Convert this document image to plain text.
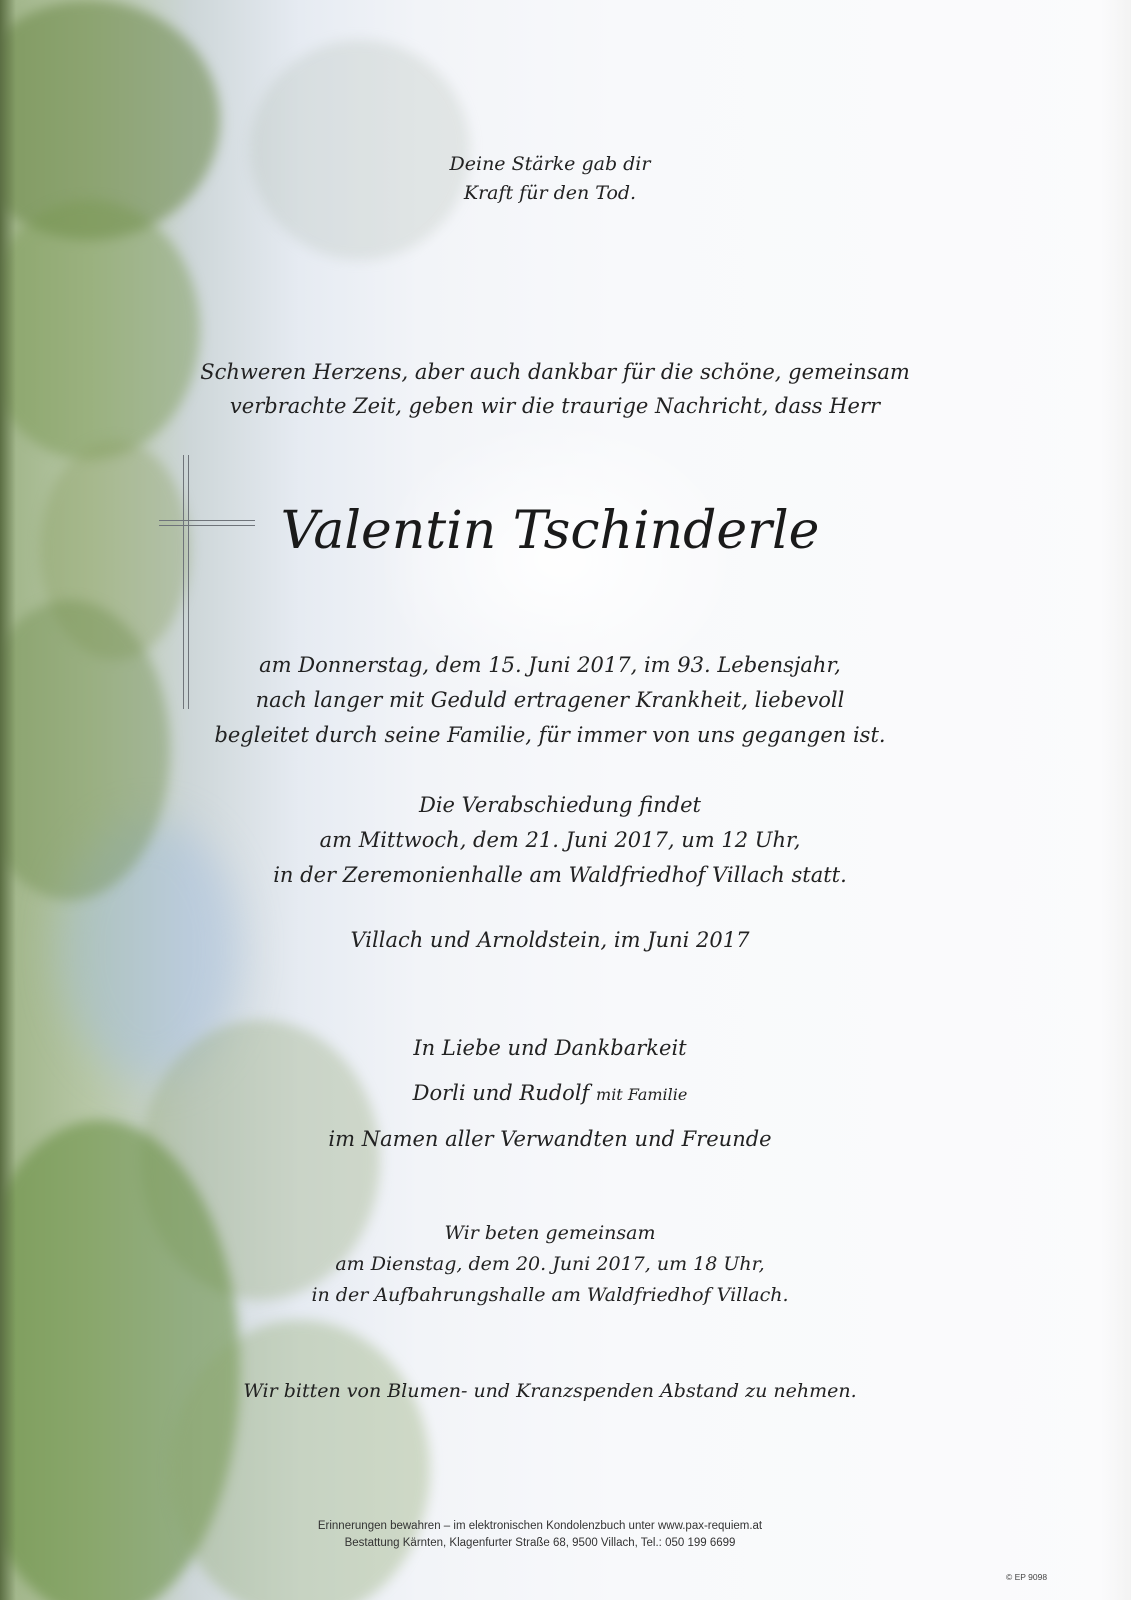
Deine Stärke gab dir
Kraft für den Tod.
Schweren Herzens, aber auch dankbar für die schöne, gemeinsam
verbrachte Zeit, geben wir die traurige Nachricht, dass Herr
Valentin Tschinderle
am Donnerstag, dem 15. Juni 2017, im 93. Lebensjahr,
nach langer mit Geduld ertragener Krankheit, liebevoll
begleitet durch seine Familie, für immer von uns gegangen ist.
Die Verabschiedung findet
am Mittwoch, dem 21. Juni 2017, um 12 Uhr,
in der Zeremonienhalle am Waldfriedhof Villach statt.
Villach und Arnoldstein, im Juni 2017
In Liebe und Dankbarkeit
Dorli und Rudolf mit Familie
im Namen aller Verwandten und Freunde
Wir beten gemeinsam
am Dienstag, dem 20. Juni 2017, um 18 Uhr,
in der Aufbahrungshalle am Waldfriedhof Villach.
Wir bitten von Blumen- und Kranzspenden Abstand zu nehmen.
Erinnerungen bewahren – im elektronischen Kondolenzbuch unter www.pax-requiem.at
Bestattung Kärnten, Klagenfurter Straße 68, 9500 Villach, Tel.: 050 199 6699
© EP 9098
